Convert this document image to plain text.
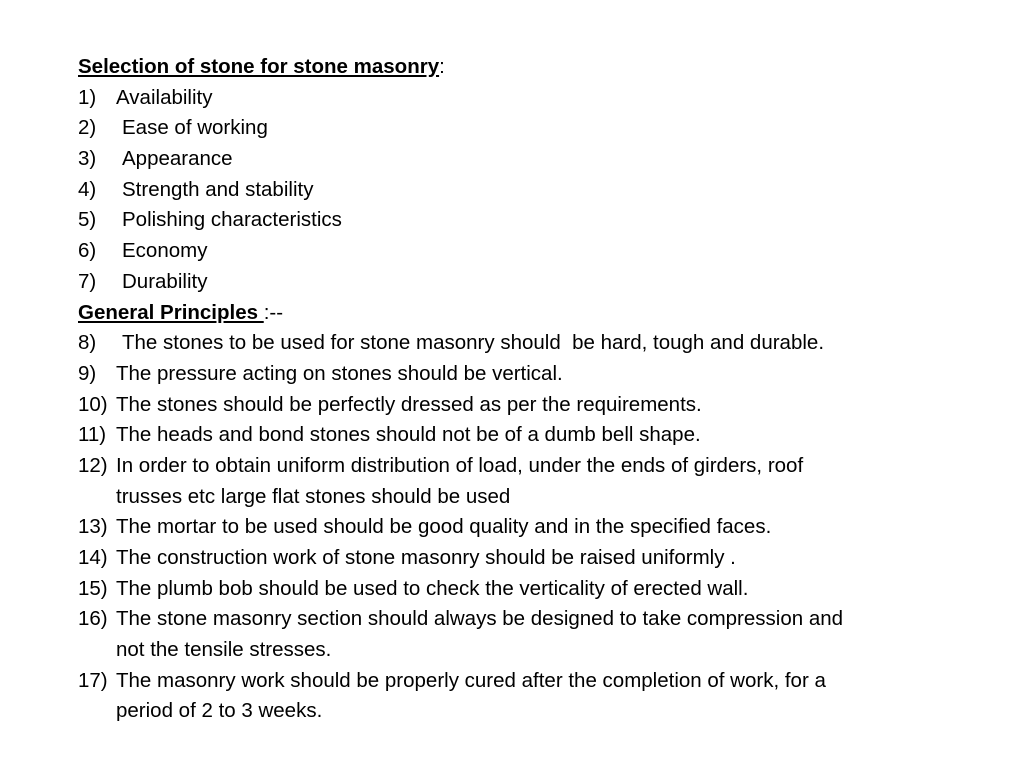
Selection of stone for stone masonry:
1) Availability
2) Ease of working
3) Appearance
4) Strength and stability
5) Polishing characteristics
6) Economy
7) Durability
General Principles :--
8) The stones to be used for stone masonry should  be hard, tough and durable.
9) The pressure acting on stones should be vertical.
10) The stones should be perfectly dressed as per the requirements.
11) The heads and bond stones should not be of a dumb bell shape.
12) In order to obtain uniform distribution of load, under the ends of girders, roof
trusses etc large flat stones should be used
13) The mortar to be used should be good quality and in the specified faces.
14) The construction work of stone masonry should be raised uniformly .
15) The plumb bob should be used to check the verticality of erected wall.
16) The stone masonry section should always be designed to take compression and
not the tensile stresses.
17) The masonry work should be properly cured after the completion of work, for a
period of 2 to 3 weeks.
